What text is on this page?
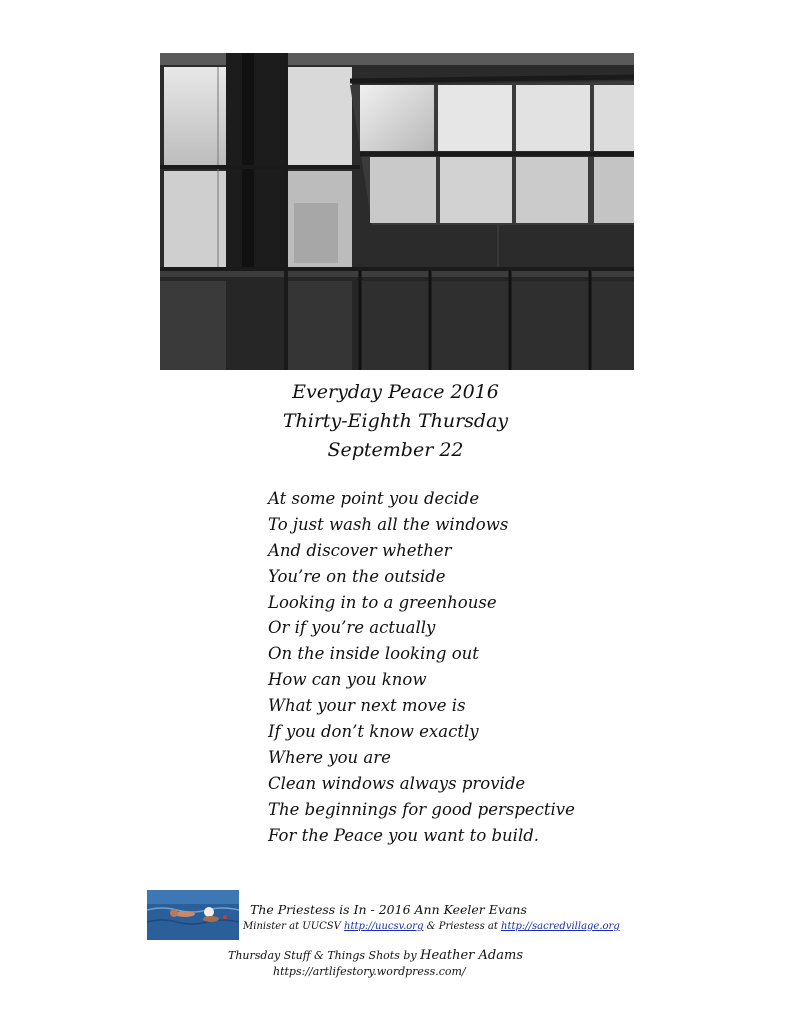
Everyday Peace 2016
Thirty-Eighth Thursday
September 22
At some point you decide
To just wash all the windows
And discover whether
You’re on the outside
Looking in to a greenhouse
Or if you’re actually
On the inside looking out
How can you know
What your next move is
If you don’t know exactly
Where you are
Clean windows always provide
The beginnings for good perspective
For the Peace you want to build.
The Priestess is In - 2016 Ann Keeler Evans
Minister at UUCSV http://uucsv.org & Priestess at http://sacredvillage.org
Thursday Stuff & Things Shots by Heather Adams
https://artlifestory.wordpress.com/
